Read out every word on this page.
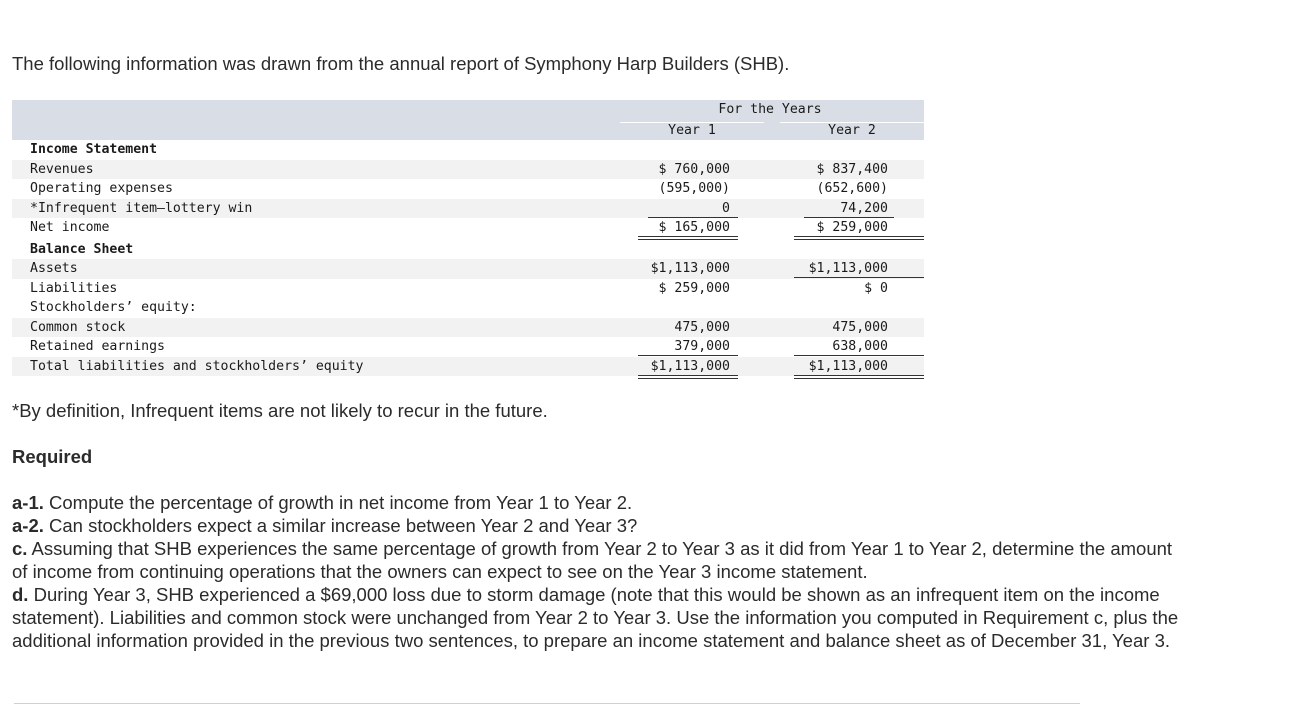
The following information was drawn from the annual report of Symphony Harp Builders (SHB).
For the Years
Year 1	Year 2
Income Statement
Revenues	$ 760,000	$ 837,400
Operating expenses	(595,000)	(652,600)
*Infrequent item—lottery win	0	74,200
Net income	$ 165,000	$ 259,000
Balance Sheet
Assets	$1,113,000	$1,113,000
Liabilities	$ 259,000	$ 0
Stockholders’ equity:
Common stock	475,000	475,000
Retained earnings	379,000	638,000
Total liabilities and stockholders’ equity	$1,113,000	$1,113,000
*By definition, Infrequent items are not likely to recur in the future.
Required

a-1. Compute the percentage of growth in net income from Year 1 to Year 2.

a-2. Can stockholders expect a similar increase between Year 2 and Year 3?

c. Assuming that SHB experiences the same percentage of growth from Year 2 to Year 3 as it did from Year 1 to Year 2, determine the amount of income from continuing operations that the owners can expect to see on the Year 3 income statement.

d. During Year 3, SHB experienced a $69,000 loss due to storm damage (note that this would be shown as an infrequent item on the income statement). Liabilities and common stock were unchanged from Year 2 to Year 3. Use the information you computed in Requirement c, plus the additional information provided in the previous two sentences, to prepare an income statement and balance sheet as of December 31, Year 3.
